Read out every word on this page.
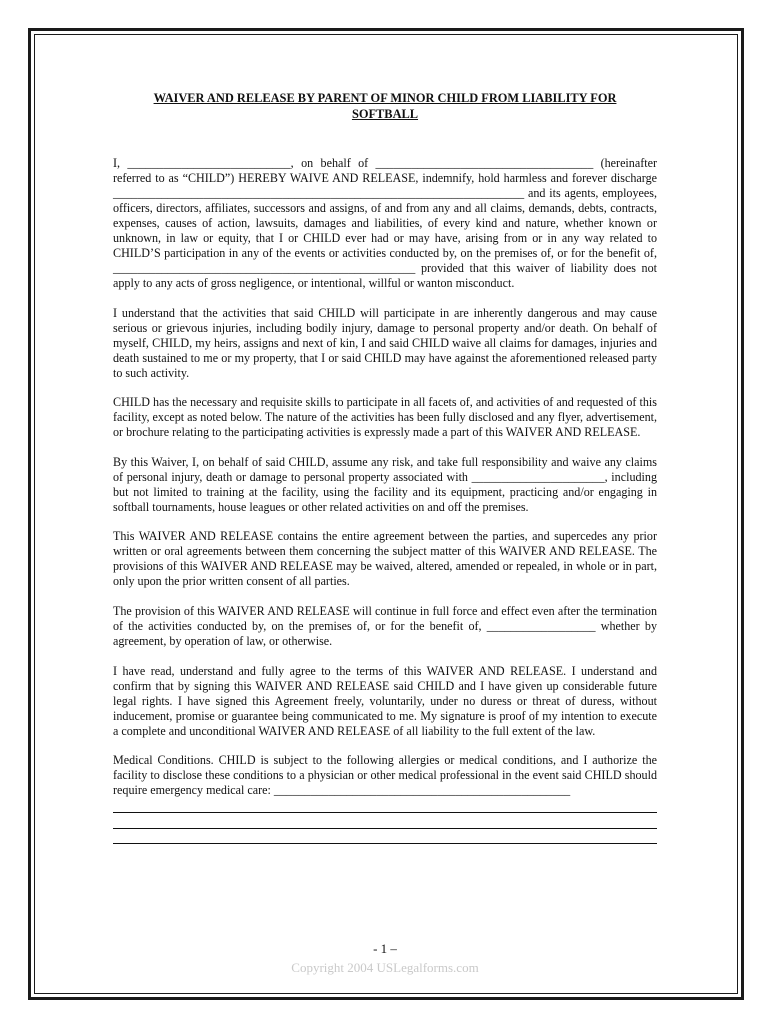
WAIVER AND RELEASE BY PARENT OF MINOR CHILD FROM LIABILITY FOR
SOFTBALL

I, ___________________________, on behalf of ____________________________________ (hereinafter referred to as “CHILD”) HEREBY WAIVE AND RELEASE, indemnify, hold harmless and forever discharge ____________________________________________________________________ and its agents, employees, officers, directors, affiliates, successors and assigns, of and from any and all claims, demands, debts, contracts, expenses, causes of action, lawsuits, damages and liabilities, of every kind and nature, whether known or unknown, in law or equity, that I or CHILD ever had or may have, arising from or in any way related to CHILD’S participation in any of the events or activities conducted by, on the premises of, or for the benefit of, __________________________________________________ provided that this waiver of liability does not apply to any acts of gross negligence, or intentional, willful or wanton misconduct.

I understand that the activities that said CHILD will participate in are inherently dangerous and may cause serious or grievous injuries, including bodily injury, damage to personal property and/or death. On behalf of myself, CHILD, my heirs, assigns and next of kin, I and said CHILD waive all claims for damages, injuries and death sustained to me or my property, that I or said CHILD may have against the aforementioned released party to such activity.

CHILD has the necessary and requisite skills to participate in all facets of, and activities of and requested of this facility, except as noted below. The nature of the activities has been fully disclosed and any flyer, advertisement, or brochure relating to the participating activities is expressly made a part of this WAIVER AND RELEASE.

By this Waiver, I, on behalf of said CHILD, assume any risk, and take full responsibility and waive any claims of personal injury, death or damage to personal property associated with ______________________, including but not limited to training at the facility, using the facility and its equipment, practicing and/or engaging in softball tournaments, house leagues or other related activities on and off the premises.

This WAIVER AND RELEASE contains the entire agreement between the parties, and supercedes any prior written or oral agreements between them concerning the subject matter of this WAIVER AND RELEASE. The provisions of this WAIVER AND RELEASE may be waived, altered, amended or repealed, in whole or in part, only upon the prior written consent of all parties.

The provision of this WAIVER AND RELEASE will continue in full force and effect even after the termination of the activities conducted by, on the premises of, or for the benefit of, __________________ whether by agreement, by operation of law, or otherwise.

I have read, understand and fully agree to the terms of this WAIVER AND RELEASE. I understand and confirm that by signing this WAIVER AND RELEASE said CHILD and I have given up considerable future legal rights. I have signed this Agreement freely, voluntarily, under no duress or threat of duress, without inducement, promise or guarantee being communicated to me. My signature is proof of my intention to execute a complete and unconditional WAIVER AND RELEASE of all liability to the full extent of the law.

Medical Conditions. CHILD is subject to the following allergies or medical conditions, and I authorize the facility to disclose these conditions to a physician or other medical professional in the event said CHILD should require emergency medical care: _________________________________________________

- 1 –
Copyright 2004 USLegalforms.com
